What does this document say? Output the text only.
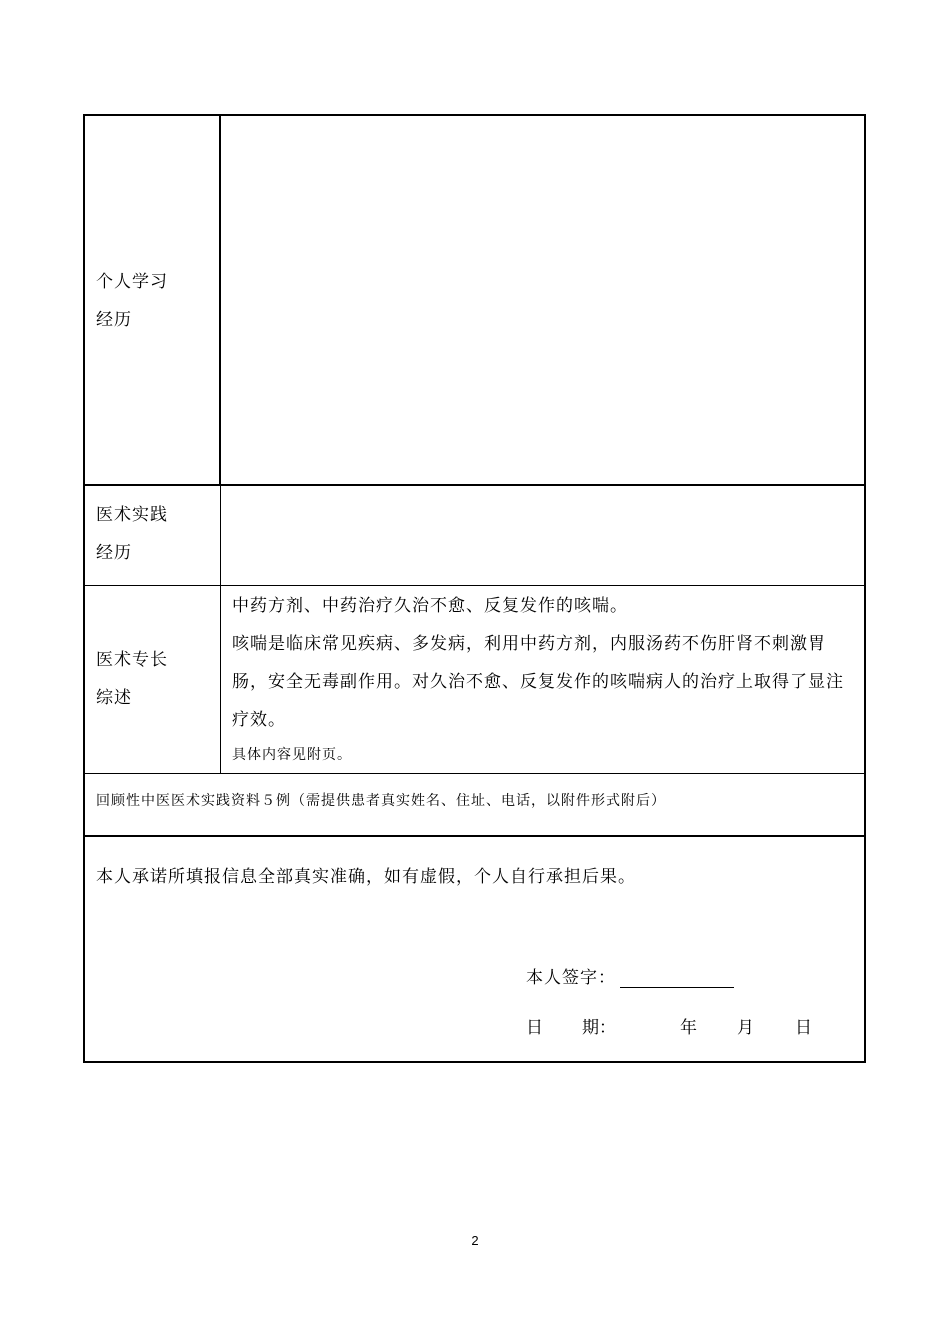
个人学习
经历
医术实践
经历
医术专长
综述

中药方剂、中药治疗久治不愈、反复发作的咳喘。

咳喘是临床常见疾病、多发病，利用中药方剂，内服汤药不伤肝肾不刺激胃肠，安全无毒副作用。对久治不愈、反复发作的咳喘病人的治疗上取得了显注疗效。

具体内容见附页。

回顾性中医医术实践资料５例（需提供患者真实姓名、住址、电话，以附件形式附后）
本人承诺所填报信息全部真实准确，如有虚假，个人自行承担后果。
本人签字：
日 期：	年 月 日
2
